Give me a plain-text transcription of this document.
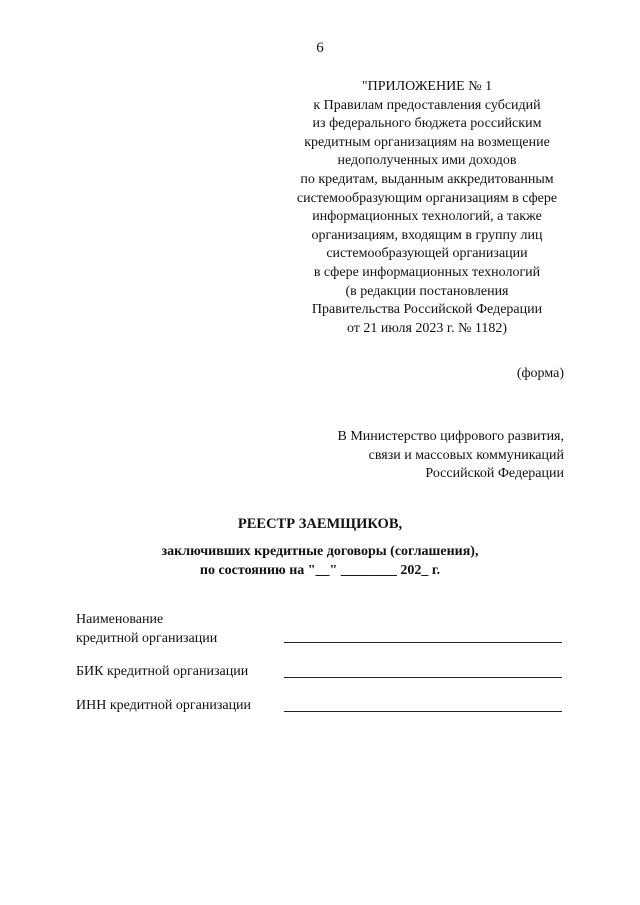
6
"ПРИЛОЖЕНИЕ № 1
к Правилам предоставления субсидий
из федерального бюджета российским
кредитным организациям на возмещение
недополученных ими доходов
по кредитам, выданным аккредитованным
системообразующим организациям в сфере
информационных технологий, а также
организациям, входящим в группу лиц
системообразующей организации
в сфере информационных технологий
(в редакции постановления
Правительства Российской Федерации
от 21 июля 2023 г. № 1182)
(форма)
В Министерство цифрового развития,
связи и массовых коммуникаций
Российской Федерации
РЕЕСТР ЗАЕМЩИКОВ,
заключивших кредитные договоры (соглашения),
по состоянию на "__" ________ 202_ г.
Наименование
кредитной организации
БИК кредитной организации
ИНН кредитной организации
